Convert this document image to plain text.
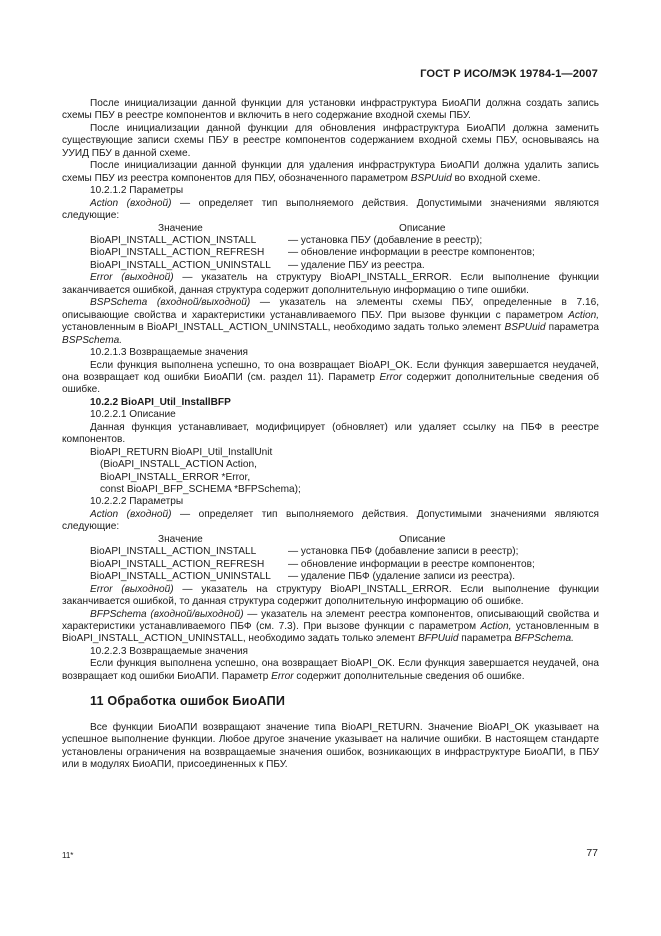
ГОСТ Р ИСО/МЭК 19784-1—2007

После инициализации данной функции для установки инфраструктура БиоАПИ должна создать запись схемы ПБУ в реестре компонентов и включить в него содержание входной схемы ПБУ.

После инициализации данной функции для обновления инфраструктура БиоАПИ должна заменить существующие записи схемы ПБУ в реестре компонентов содержанием входной схемы ПБУ, основываясь на УУИД ПБУ в данной схеме.

После инициализации данной функции для удаления инфраструктура БиоАПИ должна удалить запись схемы ПБУ из реестра компонентов для ПБУ, обозначенного параметром BSPUuid во входной схеме.

10.2.1.2 Параметры

Action (входной) — определяет тип выполняемого действия. Допустимыми значениями являются следующие:

Значение	Описание
BioAPI_INSTALL_ACTION_INSTALL	— установка ПБУ (добавление в реестр);
BioAPI_INSTALL_ACTION_REFRESH	— обновление информации в реестре компонентов;
BioAPI_INSTALL_ACTION_UNINSTALL	— удаление ПБУ из реестра.

Error (выходной) — указатель на структуру BioAPI_INSTALL_ERROR. Если выполнение функции заканчивается ошибкой, данная структура содержит дополнительную информацию о типе ошибки.

BSPSchema (входной/выходной) — указатель на элементы схемы ПБУ, определенные в 7.16, описывающие свойства и характеристики устанавливаемого ПБУ. При вызове функции с параметром Action, установленным в BioAPI_INSTALL_ACTION_UNINSTALL, необходимо задать только элемент BSPUuid параметра BSPSchema.

10.2.1.3 Возвращаемые значения

Если функция выполнена успешно, то она возвращает BioAPI_OK. Если функция завершается неудачей, она возвращает код ошибки БиоАПИ (см. раздел 11). Параметр Error содержит дополнительные сведения об ошибке.

10.2.2 BioAPI_Util_InstallBFP

10.2.2.1 Описание

Данная функция устанавливает, модифицирует (обновляет) или удаляет ссылку на ПБФ в реестре компонентов.

BioAPI_RETURN BioAPI_Util_InstallUnit
(BioAPI_INSTALL_ACTION Action,
BioAPI_INSTALL_ERROR *Error,
const BioAPI_BFP_SCHEMA *BFPSchema);

10.2.2.2 Параметры

Action (входной) — определяет тип выполняемого действия. Допустимыми значениями являются следующие:

Значение	Описание
BioAPI_INSTALL_ACTION_INSTALL	— установка ПБФ (добавление записи в реестр);
BioAPI_INSTALL_ACTION_REFRESH	— обновление информации в реестре компонентов;
BioAPI_INSTALL_ACTION_UNINSTALL	— удаление ПБФ (удаление записи из реестра).

Error (выходной) — указатель на структуру BioAPI_INSTALL_ERROR. Если выполнение функции заканчивается ошибкой, то данная структура содержит дополнительную информацию об ошибке.

BFPSchema (входной/выходной) — указатель на элемент реестра компонентов, описывающий свойства и характеристики устанавливаемого ПБФ (см. 7.3). При вызове функции с параметром Action, установленным в BioAPI_INSTALL_ACTION_UNINSTALL, необходимо задать только элемент BFPUuid параметра BFPSchema.

10.2.2.3 Возвращаемые значения

Если функция выполнена успешно, она возвращает BioAPI_OK. Если функция завершается неудачей, она возвращает код ошибки БиоАПИ. Параметр Error содержит дополнительные сведения об ошибке.

11 Обработка ошибок БиоАПИ

Все функции БиоАПИ возвращают значение типа BioAPI_RETURN. Значение BioAPI_OK указывает на успешное выполнение функции. Любое другое значение указывает на наличие ошибки. В настоящем стандарте установлены ограничения на возвращаемые значения ошибок, возникающих в инфраструктуре БиоАПИ, в ПБУ или в модулях БиоАПИ, присоединенных к ПБУ.

11*	77
